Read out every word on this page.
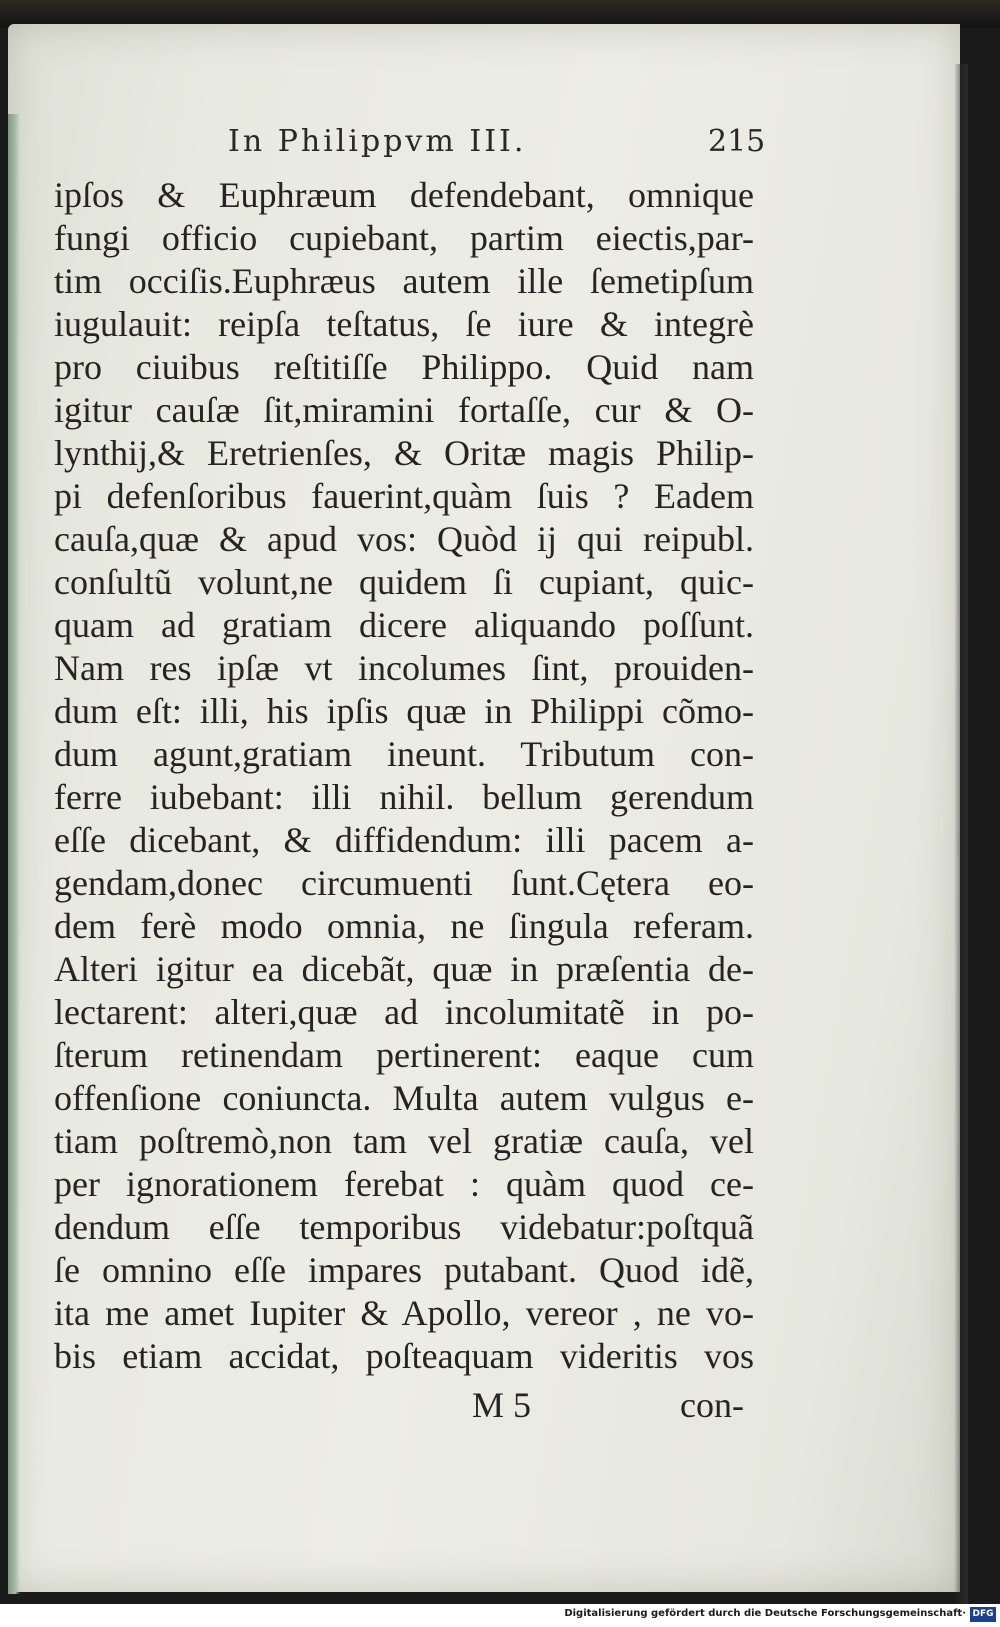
In Philippvm III.	215
ipſos & Euphræum defendebant, omnique
fungi officio cupiebant, partim eiectis,par-
tim occiſis.Euphræus autem ille ſemetipſum
iugulauit: reipſa teſtatus, ſe iure & integrè
pro ciuibus reſtitiſſe Philippo. Quid nam
igitur cauſæ ſit,miramini fortaſſe, cur & O-
lynthij,& Eretrienſes, & Oritæ magis Philip-
pi defenſoribus fauerint,quàm ſuis ? Eadem
cauſa,quæ & apud vos: Quòd ij qui reipubl.
conſultũ volunt,ne quidem ſi cupiant, quic-
quam ad gratiam dicere aliquando poſſunt.
Nam res ipſæ vt incolumes ſint, prouiden-
dum eſt: illi, his ipſis quæ in Philippi cõmo-
dum agunt,gratiam ineunt. Tributum con-
ferre iubebant: illi nihil. bellum gerendum
eſſe dicebant, & diffidendum: illi pacem a-
gendam,donec circumuenti ſunt.Cętera eo-
dem ferè modo omnia, ne ſingula referam.
Alteri igitur ea dicebãt, quæ in præſentia de-
lectarent: alteri,quæ ad incolumitatẽ in po-
ſterum retinendam pertinerent: eaque cum
offenſione coniuncta. Multa autem vulgus e-
tiam poſtremò,non tam vel gratiæ cauſa, vel
per ignorationem ferebat : quàm quod ce-
dendum eſſe temporibus videbatur:poſtquã
ſe omnino eſſe impares putabant. Quod idẽ,
ita me amet Iupiter & Apollo, vereor , ne vo-
bis etiam accidat, poſteaquam videritis vos
M 5	con-
Digitalisierung gefördert durch die Deutsche Forschungsgemeinschaft· DFG
